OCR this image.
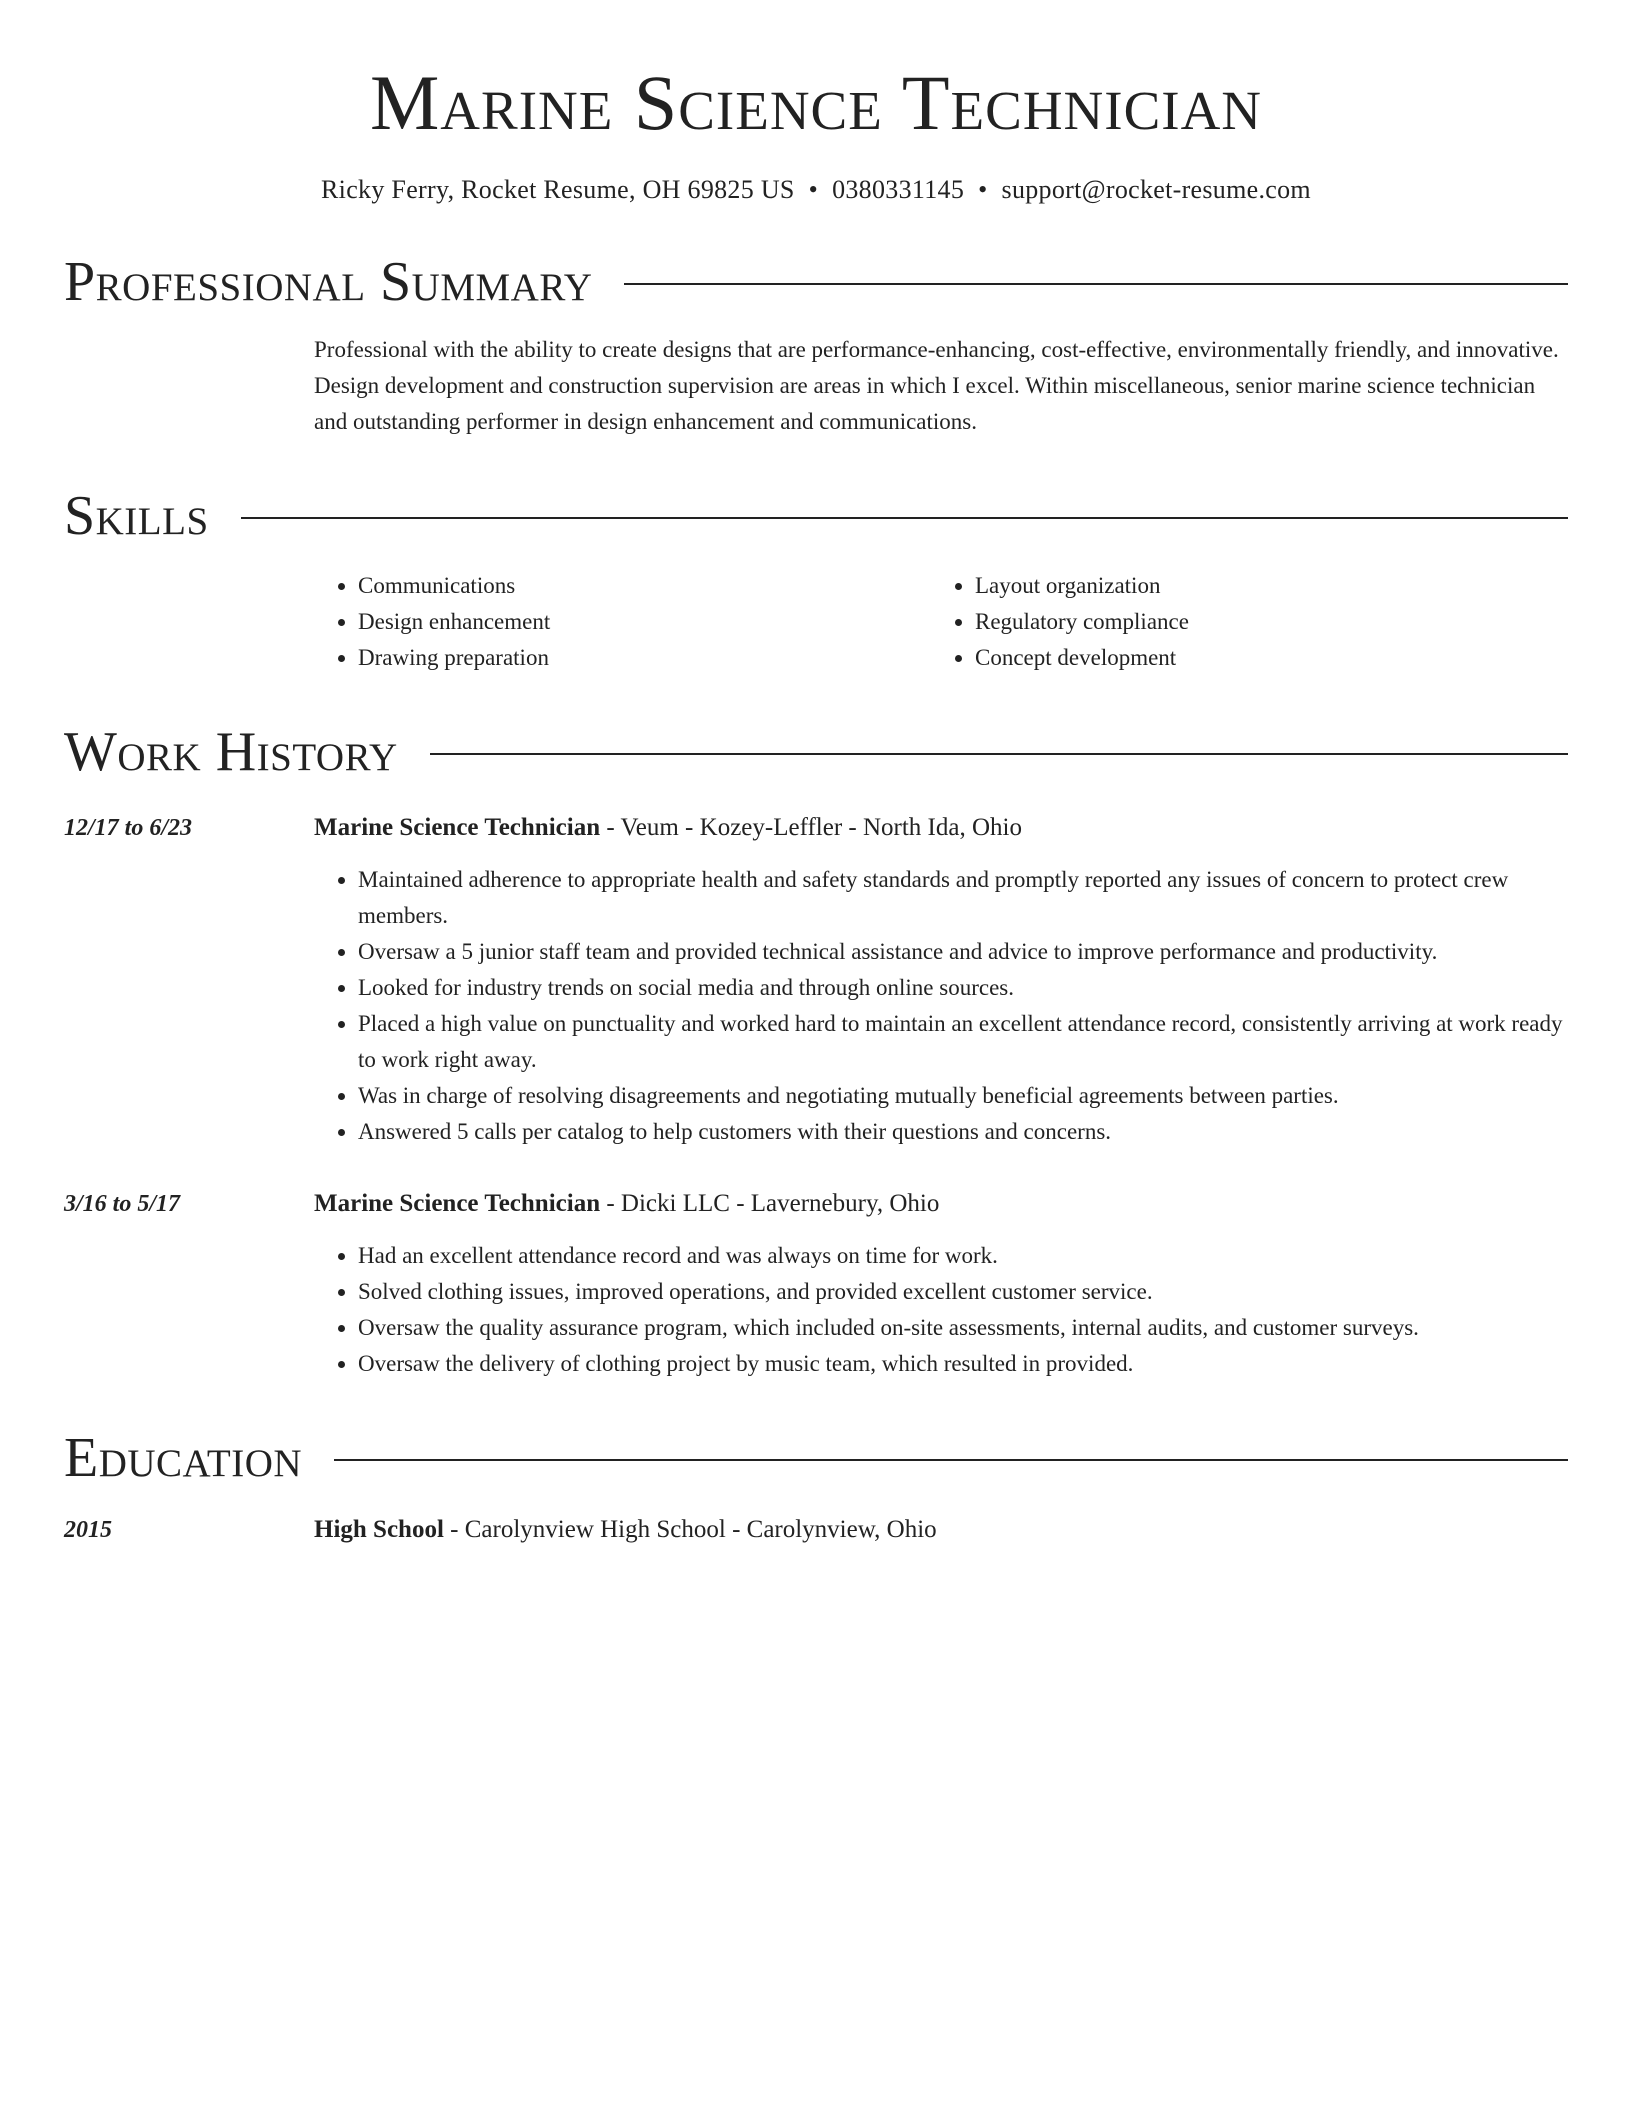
Marine Science Technician
Ricky Ferry, Rocket Resume, OH 69825 US • 0380331145 • support@rocket-resume.com
Professional Summary
Professional with the ability to create designs that are performance-enhancing, cost-effective, environmentally friendly, and innovative. Design development and construction supervision are areas in which I excel. Within miscellaneous, senior marine science technician and outstanding performer in design enhancement and communications.
Skills
• Communications
• Design enhancement
• Drawing preparation
• Layout organization
• Regulatory compliance
• Concept development
Work History
12/17 to 6/23	Marine Science Technician - Veum - Kozey-Leffler - North Ida, Ohio
• Maintained adherence to appropriate health and safety standards and promptly reported any issues of concern to protect crew members.
• Oversaw a 5 junior staff team and provided technical assistance and advice to improve performance and productivity.
• Looked for industry trends on social media and through online sources.
• Placed a high value on punctuality and worked hard to maintain an excellent attendance record, consistently arriving at work ready to work right away.
• Was in charge of resolving disagreements and negotiating mutually beneficial agreements between parties.
• Answered 5 calls per catalog to help customers with their questions and concerns.
3/16 to 5/17	Marine Science Technician - Dicki LLC - Lavernebury, Ohio
• Had an excellent attendance record and was always on time for work.
• Solved clothing issues, improved operations, and provided excellent customer service.
• Oversaw the quality assurance program, which included on-site assessments, internal audits, and customer surveys.
• Oversaw the delivery of clothing project by music team, which resulted in provided.
Education
2015	High School - Carolynview High School - Carolynview, Ohio
